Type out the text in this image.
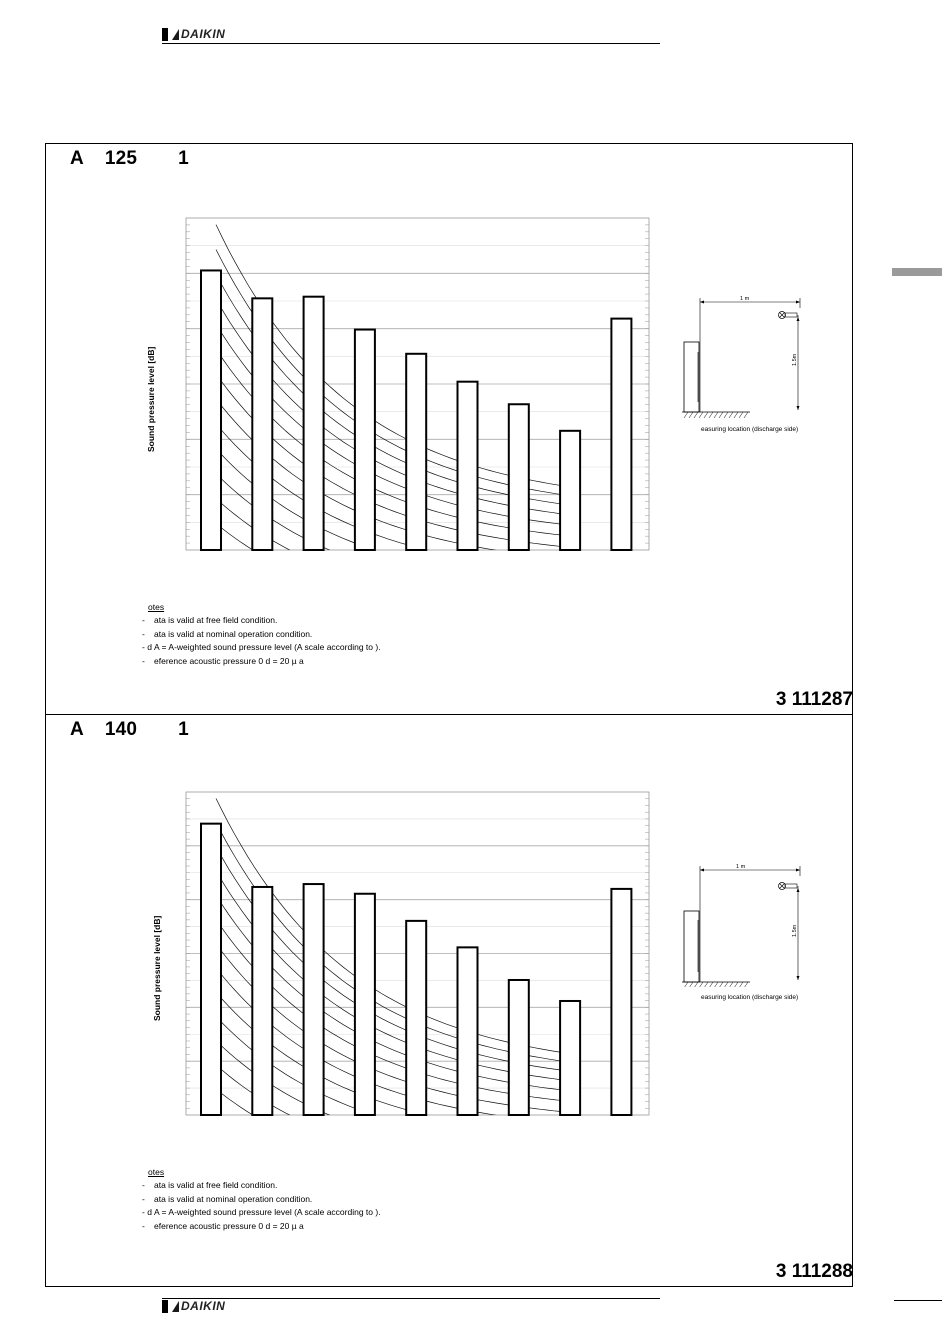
DAIKIN
A 125 1
Sound pressure level [dB]
1 m
1.5m
easuring location (discharge side)
otes
- ata is valid at free field condition.
- ata is valid at nominal operation condition.
- d A = A-weighted sound pressure level (A scale according to ).
- eference acoustic pressure 0 d = 20 µ a
3 111287
A 140 1
Sound pressure level [dB]
1 m
1.5m
easuring location (discharge side)
otes
- ata is valid at free field condition.
- ata is valid at nominal operation condition.
- d A = A-weighted sound pressure level (A scale according to ).
- eference acoustic pressure 0 d = 20 µ a
3 111288
DAIKIN
